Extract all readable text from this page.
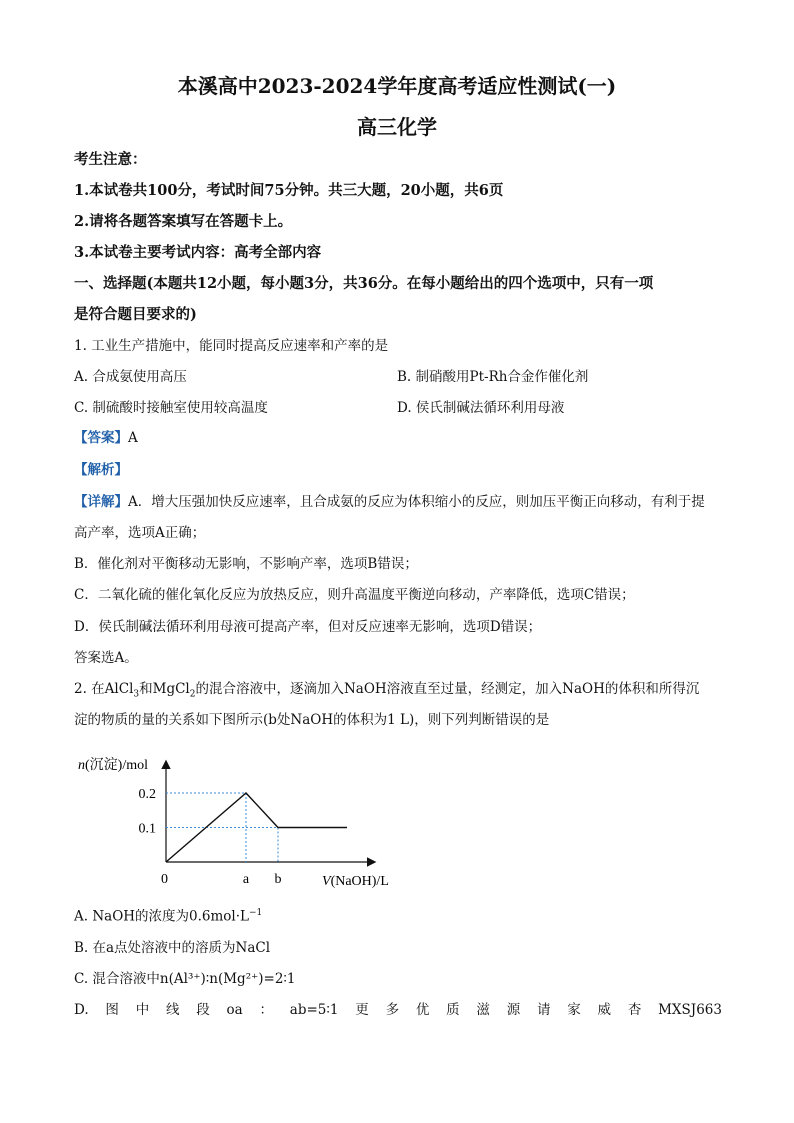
本溪高中2023-2024学年度高考适应性测试(一)
高三化学
考生注意：
1.本试卷共100分，考试时间75分钟。共三大题，20小题，共6页
2.请将各题答案填写在答题卡上。
3.本试卷主要考试内容：高考全部内容
一、选择题(本题共12小题，每小题3分，共36分。在每小题给出的四个选项中，只有一项
是符合题目要求的)
1. 工业生产措施中，能同时提高反应速率和产率的是
A. 合成氨使用高压	B. 制硝酸用Pt-Rh合金作催化剂
C. 制硫酸时接触室使用较高温度	D. 侯氏制碱法循环利用母液
【答案】A
【解析】
【详解】A．增大压强加快反应速率，且合成氨的反应为体积缩小的反应，则加压平衡正向移动，有利于提
高产率，选项A正确；
B．催化剂对平衡移动无影响，不影响产率，选项B错误；
C．二氧化硫的催化氧化反应为放热反应，则升高温度平衡逆向移动，产率降低，选项C错误；
D．侯氏制碱法循环利用母液可提高产率，但对反应速率无影响，选项D错误；
答案选A。
2. 在AlCl$_3$和MgCl$_2$的混合溶液中，逐滴加入NaOH溶液直至过量，经测定，加入NaOH的体积和所得沉
淀的物质的量的关系如下图所示(b处NaOH的体积为1 L)，则下列判断错误的是
n(沉淀)/mol
V(NaOH)/L
0
0.2
0.1
a b
A. NaOH的浓度为$0.6mol\cdot L^{-1}$
B. 在a点处溶液中的溶质为NaCl
C. 混合溶液中n(Al³⁺)∶n(Mg²⁺)=2∶1
D. 图 中 线 段 oa ： ab=5∶1 更 多 优 质 滋 源 请 家 威 杏 MXSJ663
